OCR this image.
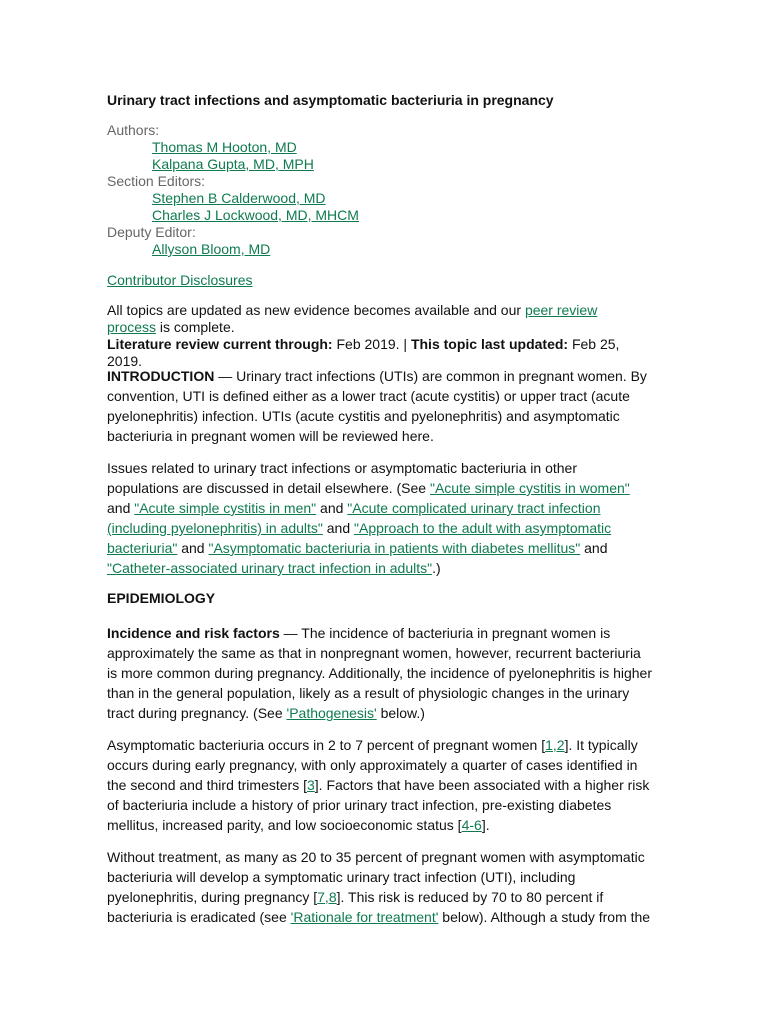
Urinary tract infections and asymptomatic bacteriuria in pregnancy
Authors:
Thomas M Hooton, MD
Kalpana Gupta, MD, MPH
Section Editors:
Stephen B Calderwood, MD
Charles J Lockwood, MD, MHCM
Deputy Editor:
Allyson Bloom, MD
Contributor Disclosures

All topics are updated as new evidence becomes available and our peer review process is complete.

Literature review current through: Feb 2019. | This topic last updated: Feb 25, 2019.

INTRODUCTION — Urinary tract infections (UTIs) are common in pregnant women. By convention, UTI is defined either as a lower tract (acute cystitis) or upper tract (acute pyelonephritis) infection. UTIs (acute cystitis and pyelonephritis) and asymptomatic bacteriuria in pregnant women will be reviewed here.

Issues related to urinary tract infections or asymptomatic bacteriuria in other populations are discussed in detail elsewhere. (See "Acute simple cystitis in women" and "Acute simple cystitis in men" and "Acute complicated urinary tract infection (including pyelonephritis) in adults" and "Approach to the adult with asymptomatic bacteriuria" and "Asymptomatic bacteriuria in patients with diabetes mellitus" and "Catheter-associated urinary tract infection in adults".)

EPIDEMIOLOGY

Incidence and risk factors — The incidence of bacteriuria in pregnant women is approximately the same as that in nonpregnant women, however, recurrent bacteriuria is more common during pregnancy. Additionally, the incidence of pyelonephritis is higher than in the general population, likely as a result of physiologic changes in the urinary tract during pregnancy. (See 'Pathogenesis' below.)

Asymptomatic bacteriuria occurs in 2 to 7 percent of pregnant women [1,2]. It typically occurs during early pregnancy, with only approximately a quarter of cases identified in the second and third trimesters [3]. Factors that have been associated with a higher risk of bacteriuria include a history of prior urinary tract infection, pre-existing diabetes mellitus, increased parity, and low socioeconomic status [4-6].

Without treatment, as many as 20 to 35 percent of pregnant women with asymptomatic bacteriuria will develop a symptomatic urinary tract infection (UTI), including pyelonephritis, during pregnancy [7,8]. This risk is reduced by 70 to 80 percent if bacteriuria is eradicated (see 'Rationale for treatment' below). Although a study from the
